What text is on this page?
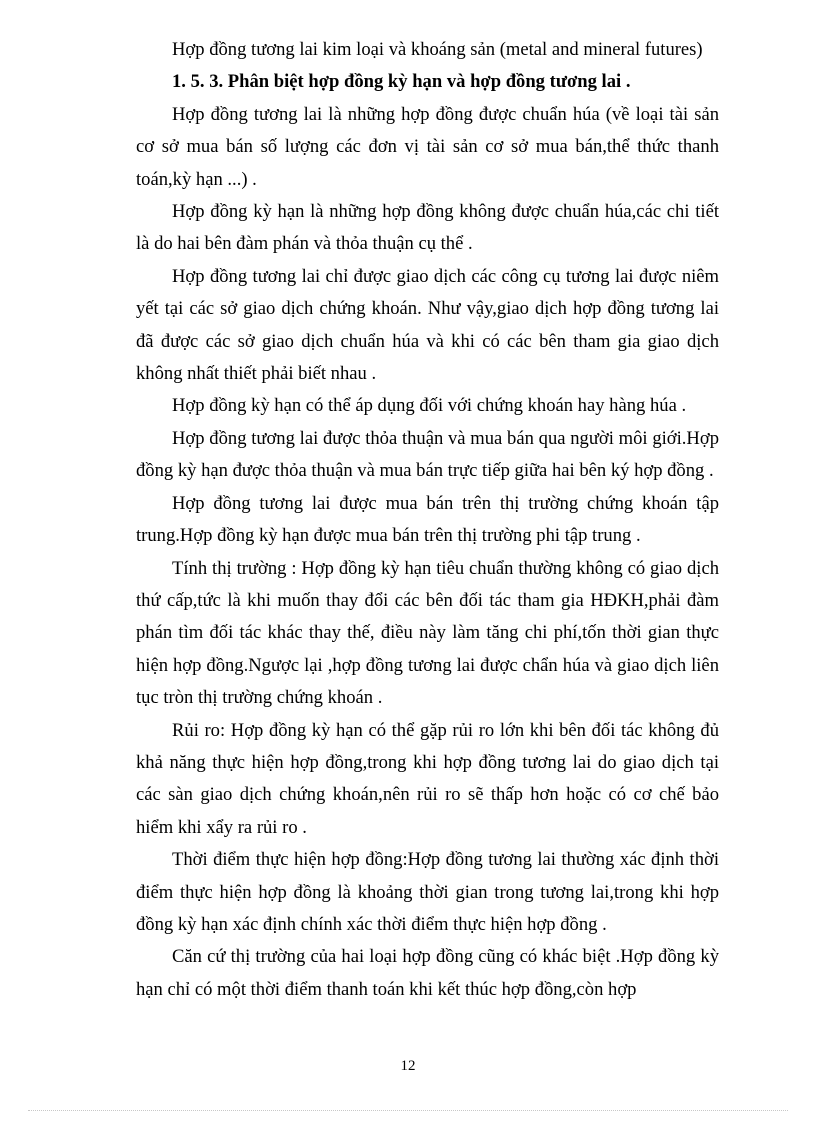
Hợp đồng tương lai kim loại và khoáng sản (metal and mineral futures)

1. 5. 3. Phân biệt hợp đồng kỳ hạn và hợp đồng tương lai .

Hợp đồng tương lai là những hợp đồng được chuẩn húa (về loại tài sản cơ sở mua bán số lượng các đơn vị tài sản cơ sở mua bán,thể thức thanh toán,kỳ hạn ...) .

Hợp đồng kỳ hạn là những hợp đồng không được chuẩn húa,các chi tiết là do hai bên đàm phán và thỏa thuận cụ thể .

Hợp đồng tương lai chỉ được giao dịch các công cụ tương lai được niêm yết tại các sở giao dịch chứng khoán. Như vậy,giao dịch hợp đồng tương lai đã được các sở giao dịch chuẩn húa và khi có các bên tham gia giao dịch không nhất thiết phải biết nhau .

Hợp đồng kỳ hạn có thể áp dụng đối với chứng khoán hay hàng húa .

Hợp đồng tương lai được thỏa thuận và mua bán qua người môi giới.Hợp đồng kỳ hạn được thỏa thuận và mua bán trực tiếp giữa hai bên ký hợp đồng .

Hợp đồng tương lai được mua bán trên thị trường chứng khoán tập trung.Hợp đồng kỳ hạn được mua bán trên thị trường phi tập trung .

Tính thị trường : Hợp đồng kỳ hạn tiêu chuẩn thường không có giao dịch thứ cấp,tức là khi muốn thay đổi các bên đối tác tham gia HĐKH,phải đàm phán tìm đối tác khác thay thế, điều này làm tăng chi phí,tốn thời gian thực hiện hợp đồng.Ngược lại ,hợp đồng tương lai được chẩn húa và giao dịch liên tục tròn thị trường chứng khoán .

Rủi ro: Hợp đồng kỳ hạn có thể gặp rủi ro lớn khi bên đối tác không đủ khả năng thực hiện hợp đồng,trong khi hợp đồng tương lai do giao dịch tại các sàn giao dịch chứng khoán,nên rủi ro sẽ thấp hơn hoặc có cơ chế bảo hiểm khi xẩy ra rủi ro .

Thời điểm thực hiện hợp đồng:Hợp đồng tương lai thường xác định thời điểm thực hiện hợp đồng là khoảng thời gian trong tương lai,trong khi hợp đồng kỳ hạn xác định chính xác thời điểm thực hiện hợp đồng .

Căn cứ thị trường của hai loại hợp đồng cũng có khác biệt .Hợp đồng kỳ hạn chỉ có một thời điểm thanh toán khi kết thúc hợp đồng,còn hợp

12
